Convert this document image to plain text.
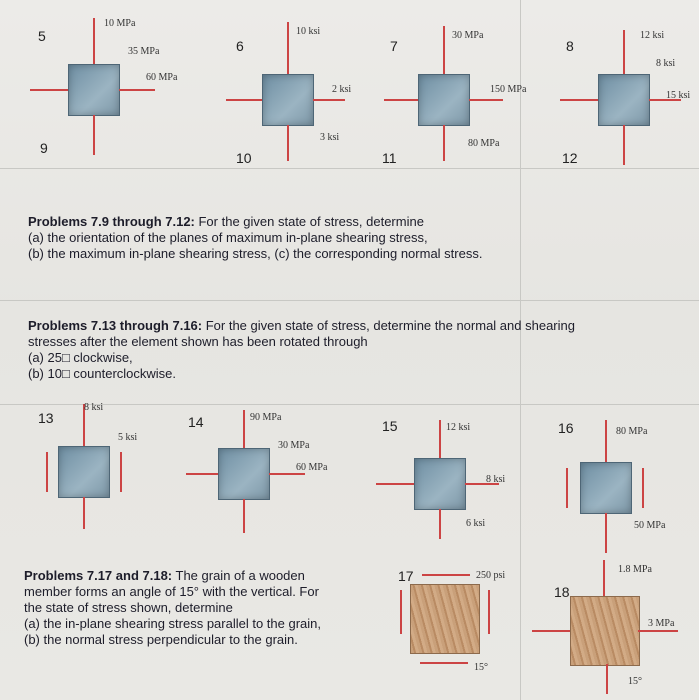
5
6	7	8
9
10	11	12
10 MPa
35 MPa
60 MPa
10 ksi
2 ksi
3 ksi
30 MPa
150 MPa
80 MPa
12 ksi
8 ksi
15 ksi
Problems 7.9 through 7.12: For the given state of stress, determine
(a) the orientation of the planes of maximum in-plane shearing stress,
(b) the maximum in-plane shearing stress, (c) the corresponding normal stress.
Problems 7.13 through 7.16: For the given state of stress, determine the normal and shearing
stresses after the element shown has been rotated through
(a) 25□ clockwise,
(b) 10□ counterclockwise.
13	14	15	16
8 ksi
5 ksi
90 MPa
30 MPa
60 MPa
12 ksi
8 ksi
6 ksi
80 MPa
50 MPa
Problems 7.17 and 7.18: The grain of a wooden
member forms an angle of 15° with the vertical. For
the state of stress shown, determine
(a) the in-plane shearing stress parallel to the grain,
(b) the normal stress perpendicular to the grain.
17
18
250 psi
15°
1.8 MPa
3 MPa
15°
